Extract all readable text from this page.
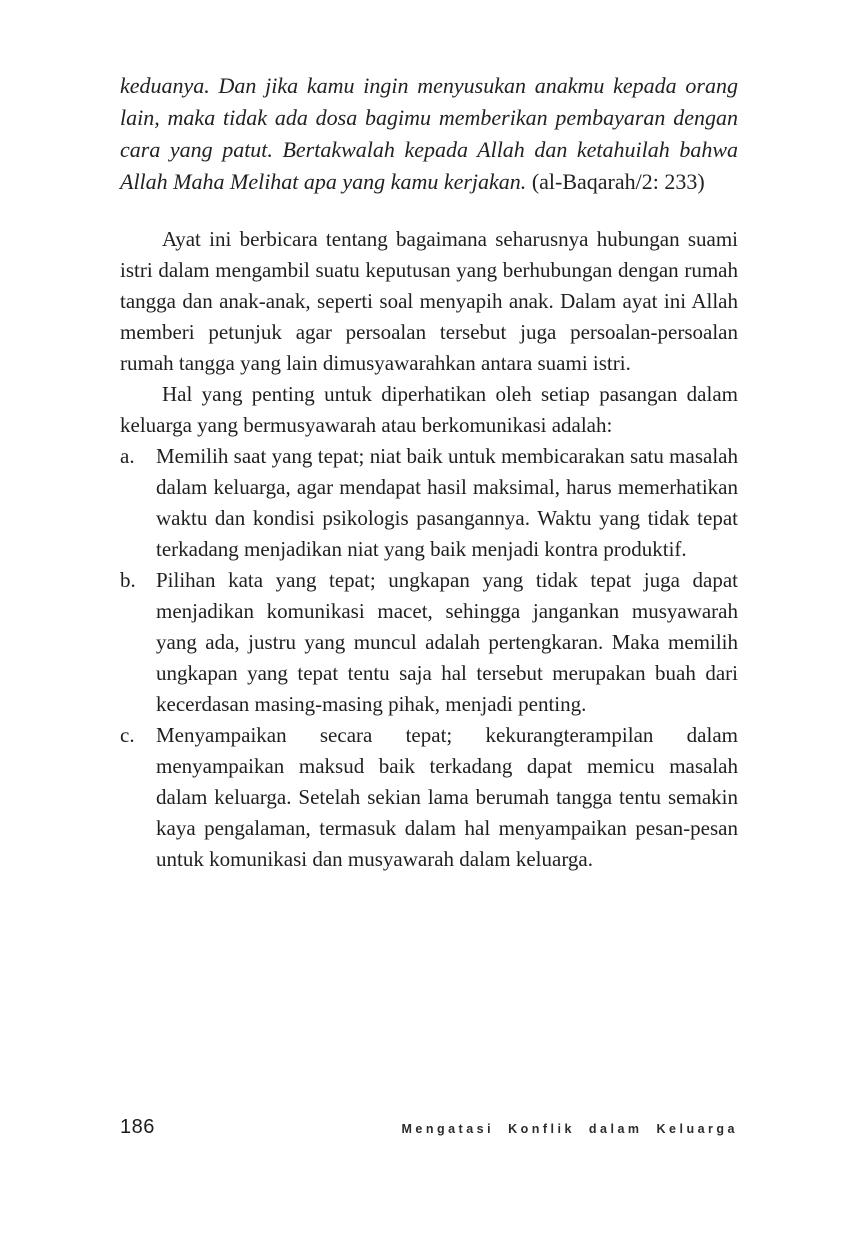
keduanya. Dan jika kamu ingin menyusukan anakmu kepada orang lain, maka tidak ada dosa bagimu memberikan pembayaran dengan cara yang patut. Bertakwalah kepada Allah dan ketahuilah bahwa Allah Maha Melihat apa yang kamu kerjakan. (al-Baqarah/2: 233)

Ayat ini berbicara tentang bagaimana seharusnya hubungan suami istri dalam mengambil suatu keputusan yang berhubungan dengan rumah tangga dan anak-anak, seperti soal menyapih anak. Dalam ayat ini Allah memberi petunjuk agar persoalan tersebut juga persoalan-persoalan rumah tangga yang lain dimusyawarahkan antara suami istri.

Hal yang penting untuk diperhatikan oleh setiap pasangan dalam keluarga yang bermusyawarah atau berkomunikasi adalah:

a.	Memilih saat yang tepat; niat baik untuk membicarakan satu masalah dalam keluarga, agar mendapat hasil maksimal, harus memerhatikan waktu dan kondisi psikologis pasangannya. Waktu yang tidak tepat terkadang menjadikan niat yang baik menjadi kontra produktif.
b. Pilihan kata yang tepat; ungkapan yang tidak tepat juga dapat menjadikan komunikasi macet, sehingga jangankan musyawarah yang ada, justru yang muncul adalah pertengkaran. Maka memilih ungkapan yang tepat tentu saja hal tersebut merupakan buah dari kecerdasan masing-masing pihak, menjadi penting.
c.	Menyampaikan secara tepat; kekurangterampilan dalam menyampaikan maksud baik terkadang dapat memicu masalah dalam keluarga. Setelah sekian lama berumah tangga tentu semakin kaya pengalaman, termasuk dalam hal menyampaikan pesan-pesan untuk komunikasi dan musyawarah dalam keluarga.
186	Mengatasi Konflik dalam Keluarga
